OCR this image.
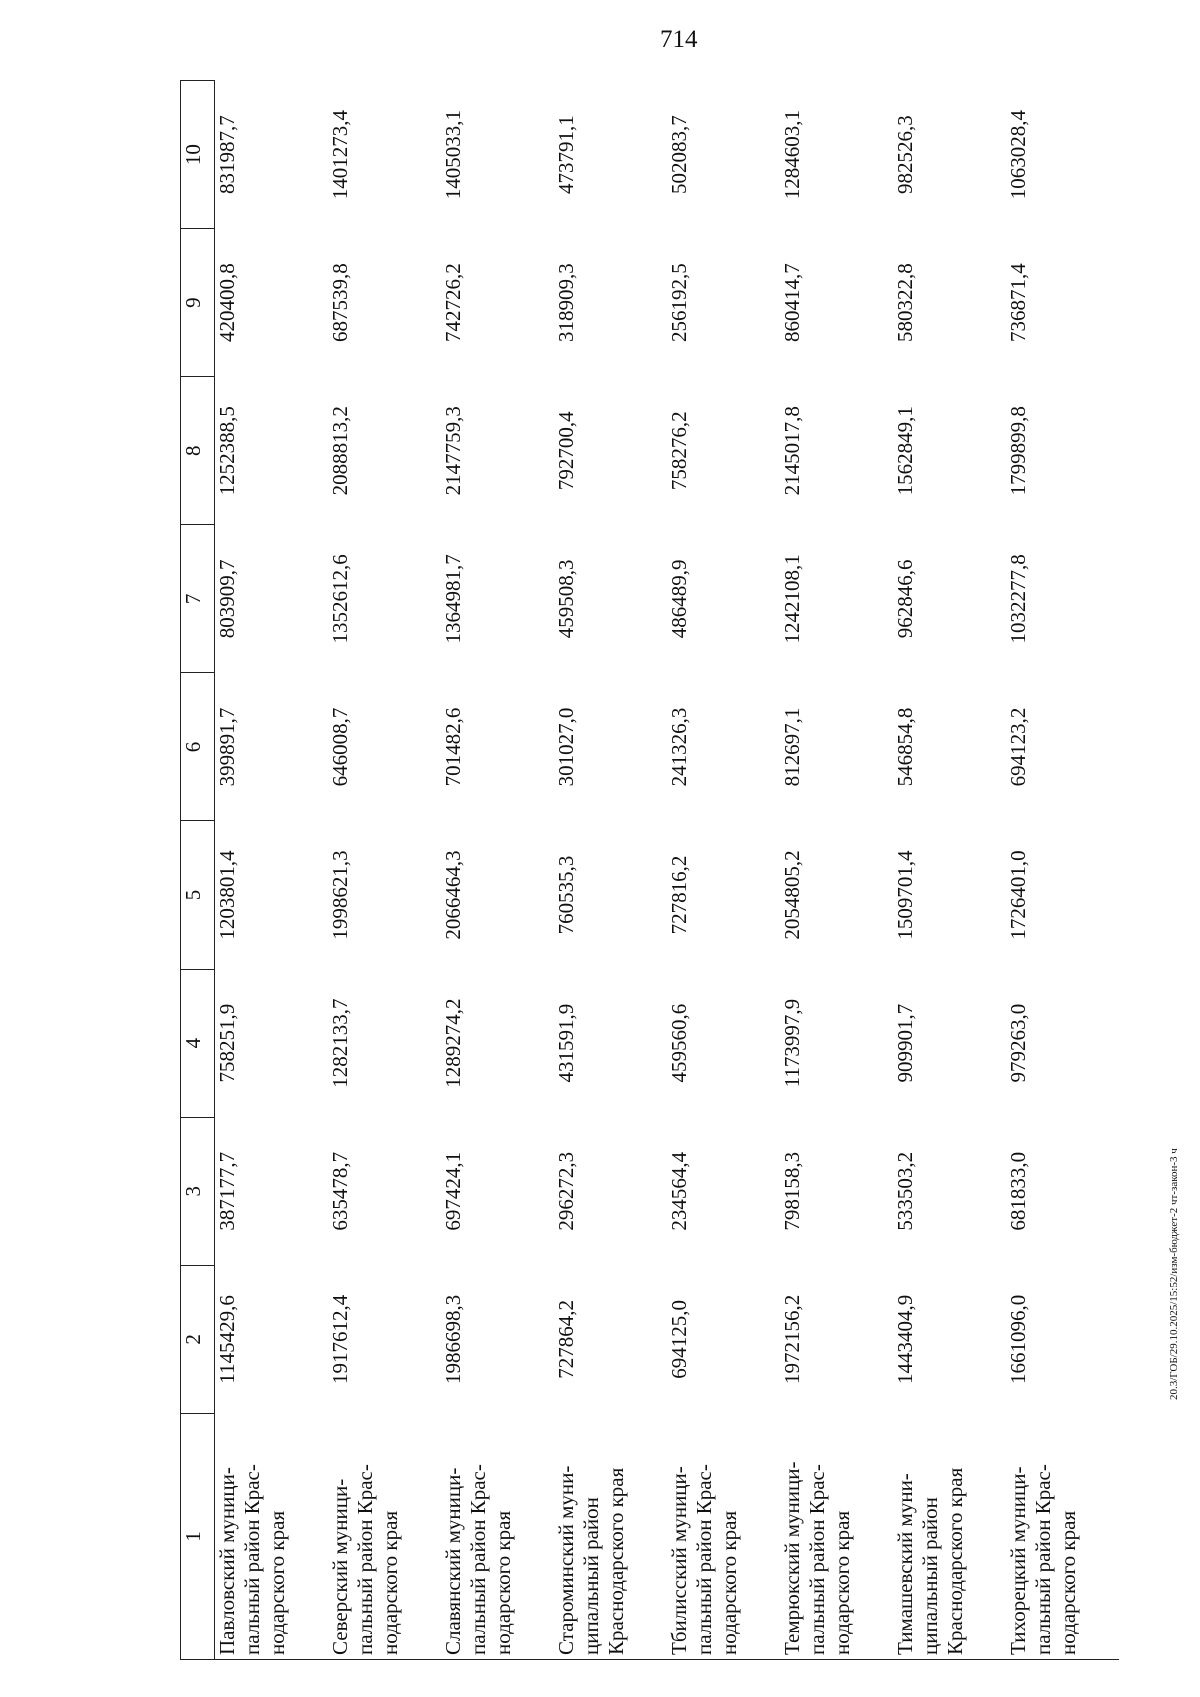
714
20.3/ГОБ/29.10.2025/15:52/изм-бюджет-2 чт-закон-3 ч
1	2	3	4	5	6	7	8	9	10
Павловский муници-
пальный район Крас-
нодарского края	1145429,6	387177,7	758251,9	1203801,4	399891,7	803909,7	1252388,5	420400,8	831987,7
Северский муници-
пальный район Крас-
нодарского края	1917612,4	635478,7	1282133,7	1998621,3	646008,7	1352612,6	2088813,2	687539,8	1401273,4
Славянский муници-
пальный район Крас-
нодарского края	1986698,3	697424,1	1289274,2	2066464,3	701482,6	1364981,7	2147759,3	742726,2	1405033,1
Староминский муни-
ципальный район
Краснодарского края	727864,2	296272,3	431591,9	760535,3	301027,0	459508,3	792700,4	318909,3	473791,1
Тбилисский муници-
пальный район Крас-
нодарского края	694125,0	234564,4	459560,6	727816,2	241326,3	486489,9	758276,2	256192,5	502083,7
Темрюкский муници-
пальный район Крас-
нодарского края	1972156,2	798158,3	1173997,9	2054805,2	812697,1	1242108,1	2145017,8	860414,7	1284603,1
Тимашевский муни-
ципальный район
Краснодарского края	1443404,9	533503,2	909901,7	1509701,4	546854,8	962846,6	1562849,1	580322,8	982526,3
Тихорецкий муници-
пальный район Крас-
нодарского края	1661096,0	681833,0	979263,0	1726401,0	694123,2	1032277,8	1799899,8	736871,4	1063028,4
